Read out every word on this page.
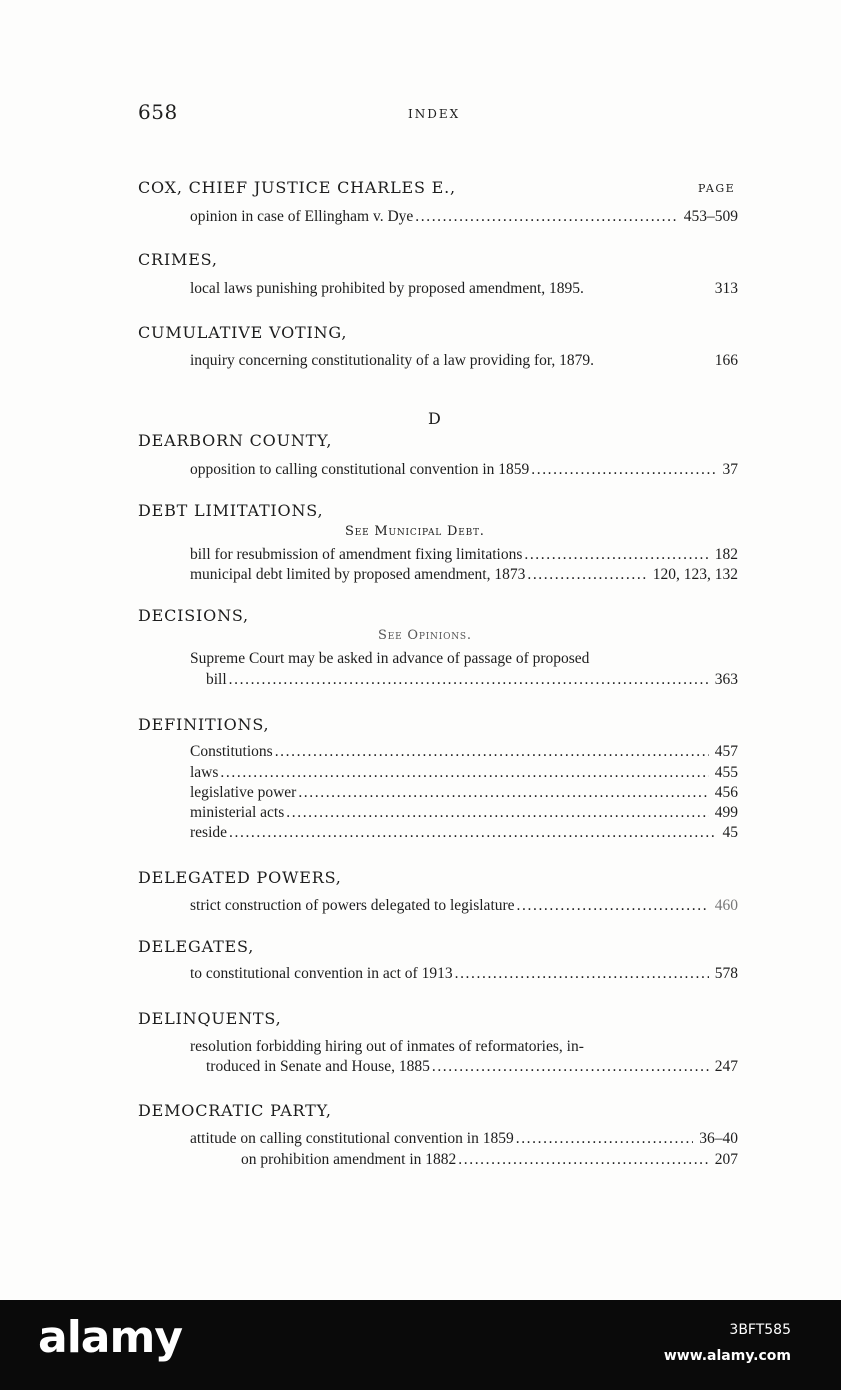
658	INDEX
COX, CHIEF JUSTICE CHARLES E.,	PAGE
opinion in case of Ellingham v. Dye .....	453–509
CRIMES,
local laws punishing prohibited by proposed amendment, 1895.	313
CUMULATIVE VOTING,
inquiry concerning constitutionality of a law providing for, 1879.	166
D
DEARBORN COUNTY,
opposition to calling constitutional convention in 1859 .....	37
DEBT LIMITATIONS,
See Municipal Debt.
bill for resubmission of amendment fixing limitations .....	182
municipal debt limited by proposed amendment, 1873 .....	120, 123, 132
DECISIONS,
See Opinions.
Supreme Court may be asked in advance of passage of proposed
bill .....	363
DEFINITIONS,
Constitutions .....	457
laws .....	455
legislative power .....	456
ministerial acts .....	499
reside .....	45
DELEGATED POWERS,
strict construction of powers delegated to legislature .....	460
DELEGATES,
to constitutional convention in act of 1913 .....	578
DELINQUENTS,
resolution forbidding hiring out of inmates of reformatories, in-
troduced in Senate and House, 1885 .....	247
DEMOCRATIC PARTY,
attitude on calling constitutional convention in 1859 .....	36–40
on prohibition amendment in 1882 .....	207
alamy	3BFT585
www.alamy.com
